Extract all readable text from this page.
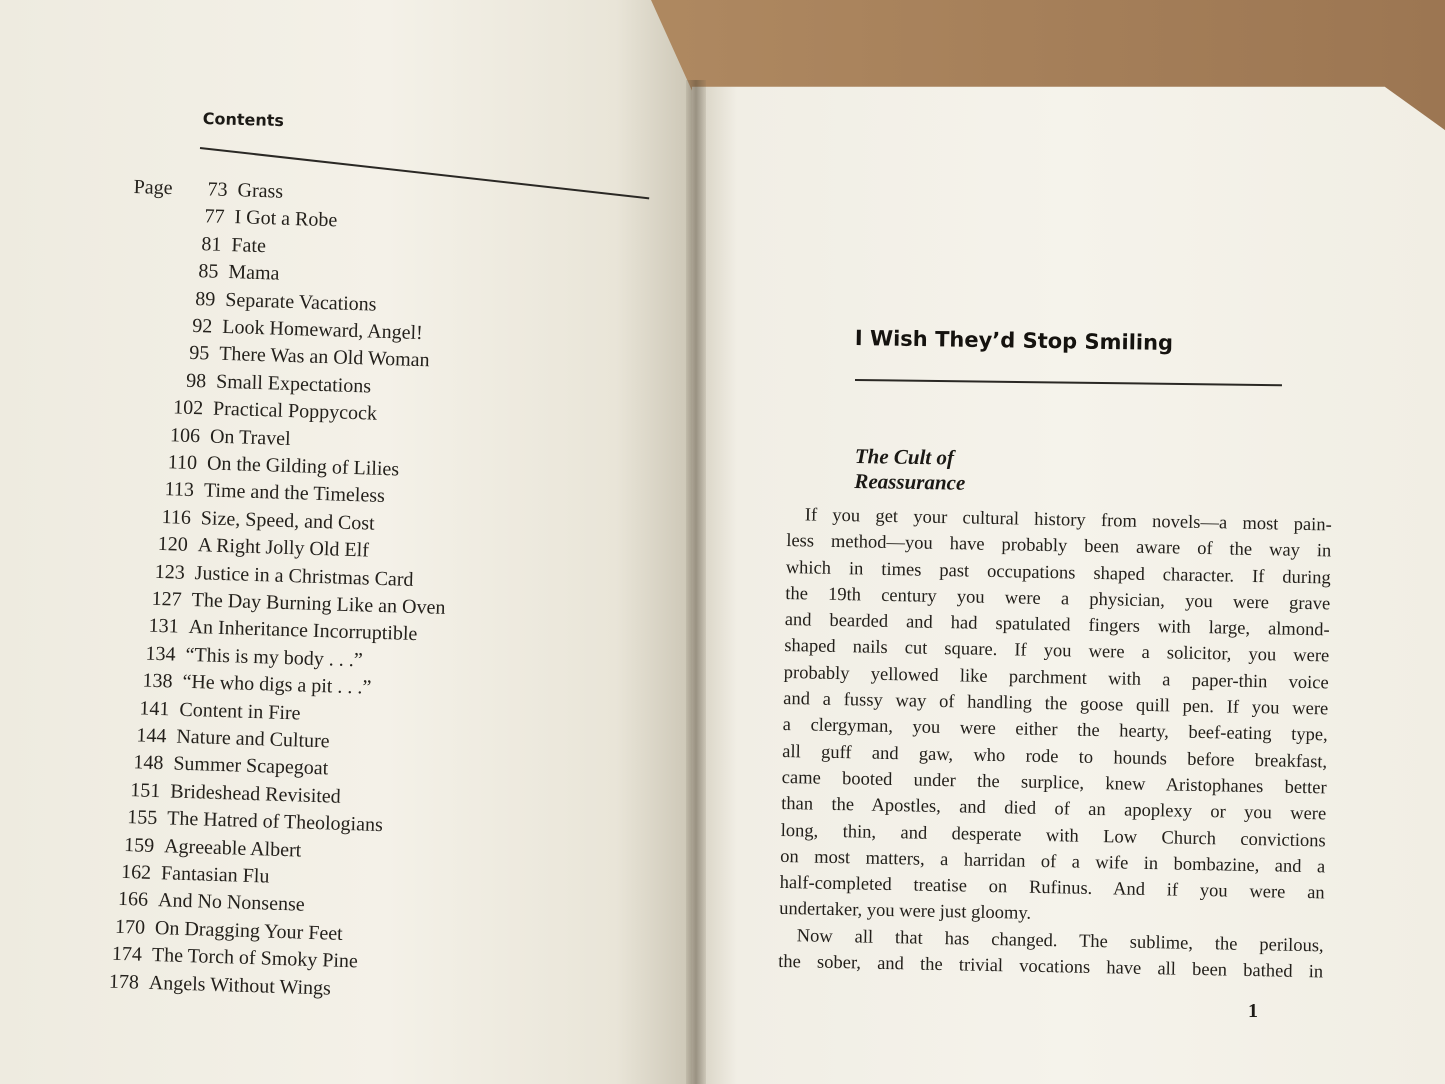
Contents
Page	73 Grass
77 I Got a Robe
81 Fate
85 Mama
89 Separate Vacations
92 Look Homeward, Angel!
95 There Was an Old Woman
98 Small Expectations
102 Practical Poppycock
106 On Travel
110 On the Gilding of Lilies
113 Time and the Timeless
116 Size, Speed, and Cost
120 A Right Jolly Old Elf
123 Justice in a Christmas Card
127 The Day Burning Like an Oven
131 An Inheritance Incorruptible
134 “This is my body . . .”
138 “He who digs a pit . . .”
141 Content in Fire
144 Nature and Culture
148 Summer Scapegoat
151 Brideshead Revisited
155 The Hatred of Theologians
159 Agreeable Albert
162 Fantasian Flu
166 And No Nonsense
170 On Dragging Your Feet
174 The Torch of Smoky Pine
178 Angels Without Wings
I Wish They’d Stop Smiling
The Cult of
Reassurance
If you get your cultural history from novels—a most pain-
less method—you have probably been aware of the way in
which in times past occupations shaped character. If during
the 19th century you were a physician, you were grave
and bearded and had spatulated fingers with large, almond-
shaped nails cut square. If you were a solicitor, you were
probably yellowed like parchment with a paper-thin voice
and a fussy way of handling the goose quill pen. If you were
a clergyman, you were either the hearty, beef-eating type,
all guff and gaw, who rode to hounds before breakfast,
came booted under the surplice, knew Aristophanes better
than the Apostles, and died of an apoplexy or you were
long, thin, and desperate with Low Church convictions
on most matters, a harridan of a wife in bombazine, and a
half-completed treatise on Rufinus. And if you were an
undertaker, you were just gloomy.
Now all that has changed. The sublime, the perilous,
the sober, and the trivial vocations have all been bathed in
1
